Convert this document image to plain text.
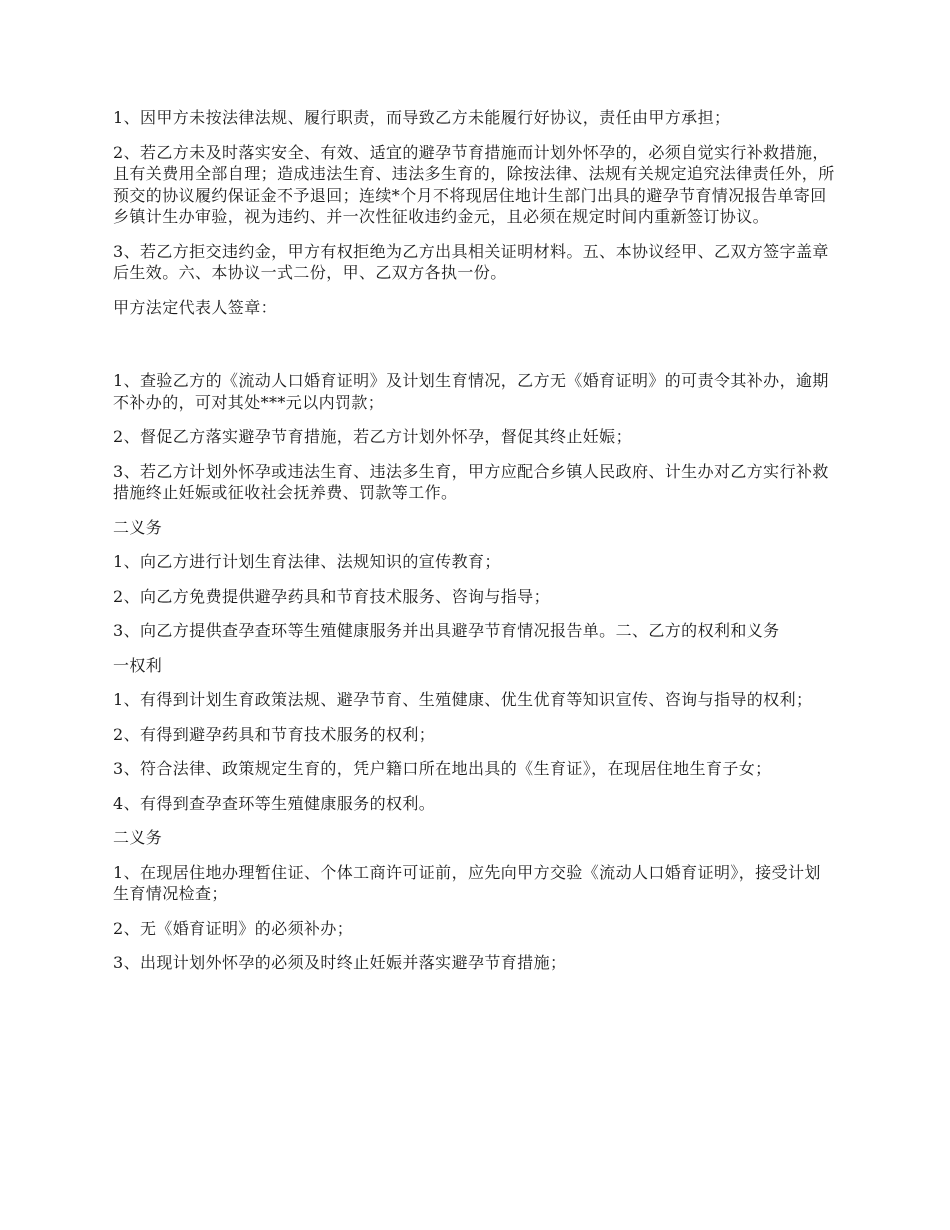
1、因甲方未按法律法规、履行职责，而导致乙方未能履行好协议，责任由甲方承担；

2、若乙方未及时落实安全、有效、适宜的避孕节育措施而计划外怀孕的，必须自觉实行补救措施，且有关费用全部自理；造成违法生育、违法多生育的，除按法律、法规有关规定追究法律责任外，所预交的协议履约保证金不予退回；连续*个月不将现居住地计生部门出具的避孕节育情况报告单寄回乡镇计生办审验，视为违约、并一次性征收违约金元，且必须在规定时间内重新签订协议。

3、若乙方拒交违约金，甲方有权拒绝为乙方出具相关证明材料。五、本协议经甲、乙双方签字盖章后生效。六、本协议一式二份，甲、乙双方各执一份。

甲方法定代表人签章：

1、查验乙方的《流动人口婚育证明》及计划生育情况，乙方无《婚育证明》的可责令其补办，逾期不补办的，可对其处***元以内罚款；

2、督促乙方落实避孕节育措施，若乙方计划外怀孕，督促其终止妊娠；

3、若乙方计划外怀孕或违法生育、违法多生育，甲方应配合乡镇人民政府、计生办对乙方实行补救措施终止妊娠或征收社会抚养费、罚款等工作。

二义务

1、向乙方进行计划生育法律、法规知识的宣传教育；

2、向乙方免费提供避孕药具和节育技术服务、咨询与指导；

3、向乙方提供查孕查环等生殖健康服务并出具避孕节育情况报告单。二、乙方的权利和义务

一权利

1、有得到计划生育政策法规、避孕节育、生殖健康、优生优育等知识宣传、咨询与指导的权利；

2、有得到避孕药具和节育技术服务的权利；

3、符合法律、政策规定生育的，凭户籍口所在地出具的《生育证》，在现居住地生育子女；

4、有得到查孕查环等生殖健康服务的权利。

二义务

1、在现居住地办理暂住证、个体工商许可证前，应先向甲方交验《流动人口婚育证明》，接受计划生育情况检查；

2、无《婚育证明》的必须补办；

3、出现计划外怀孕的必须及时终止妊娠并落实避孕节育措施；
